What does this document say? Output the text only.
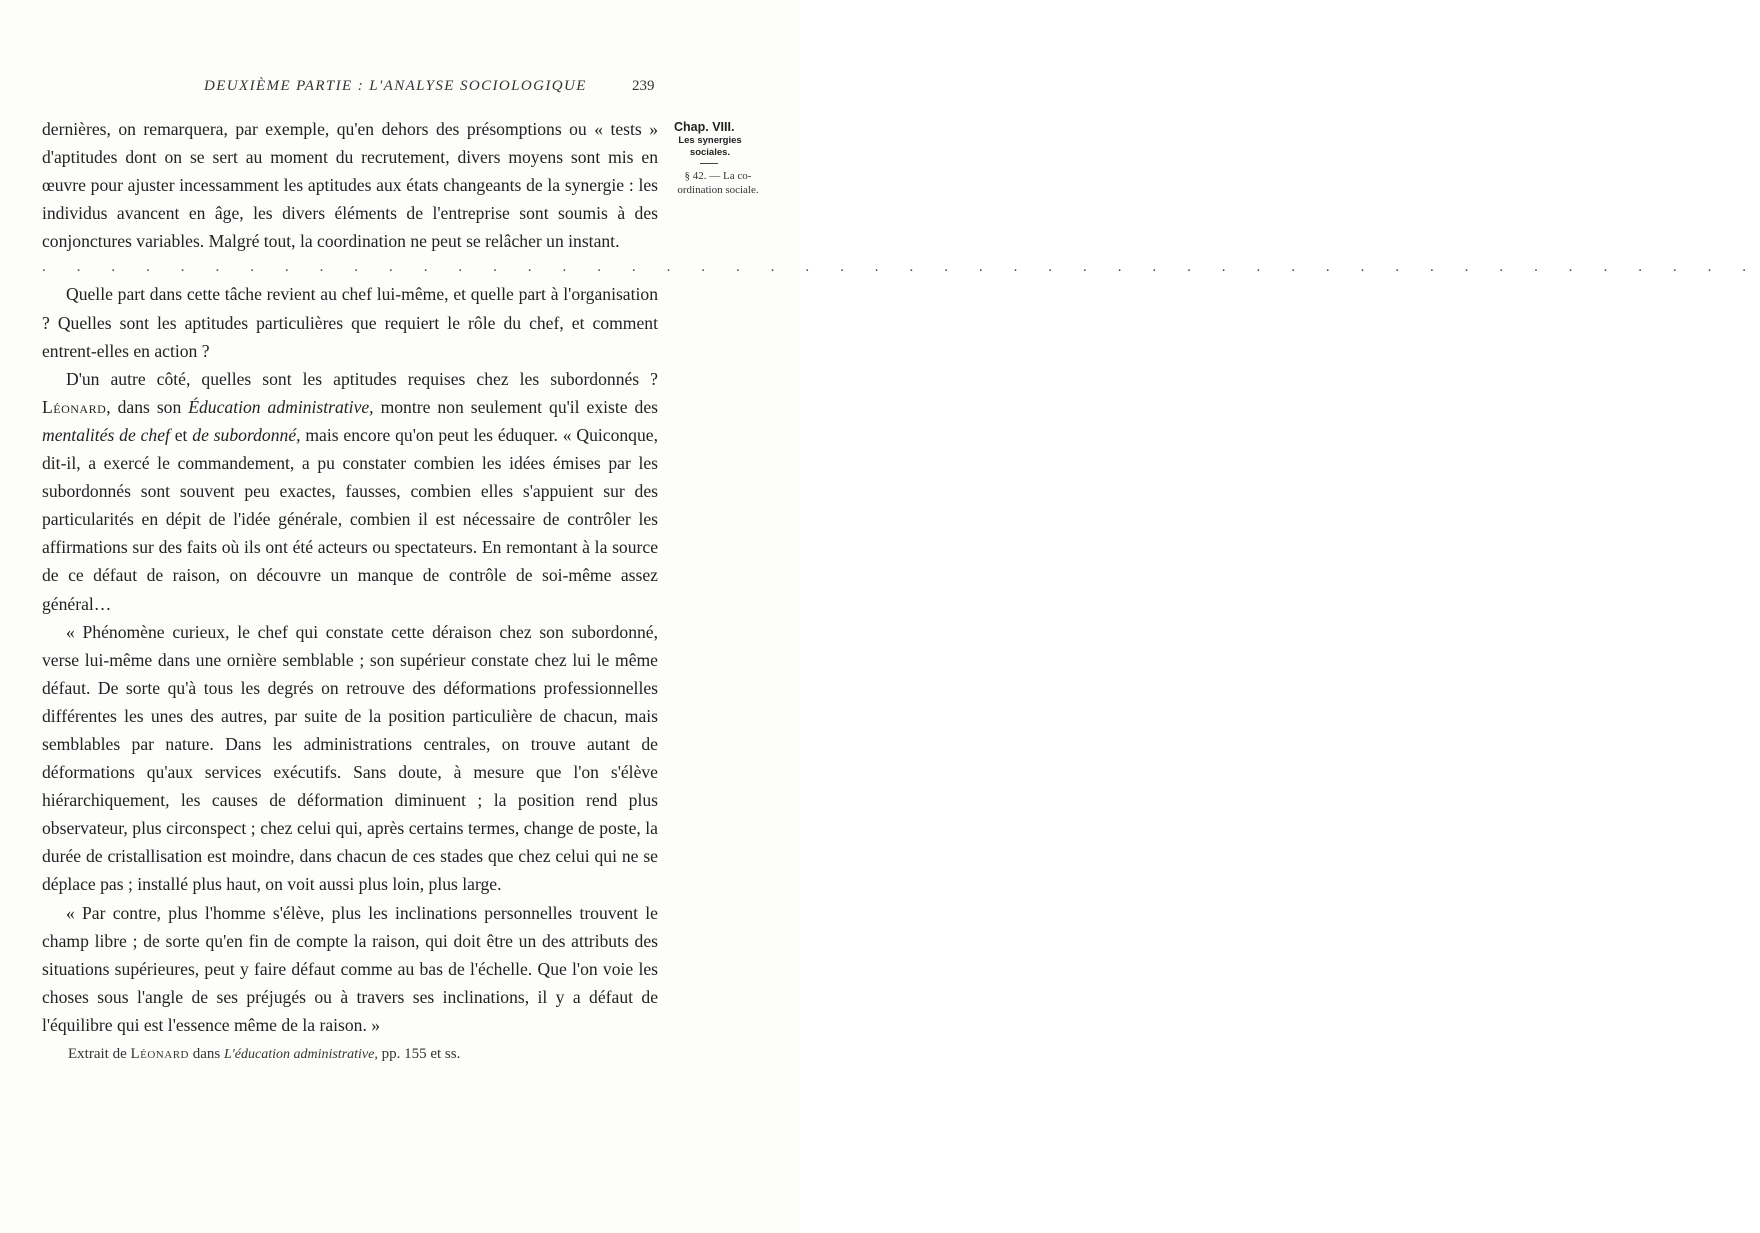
DEUXIÈME PARTIE : L'ANALYSE SOCIOLOGIQUE	239

dernières, on remarquera, par exemple, qu'en dehors des présomptions ou « tests » d'aptitudes dont on se sert au moment du recrutement, divers moyens sont mis en œuvre pour ajuster incessamment les aptitudes aux états changeants de la synergie : les individus avancent en âge, les divers éléments de l'entreprise sont soumis à des conjonctures variables. Malgré tout, la coordination ne peut se relâcher un instant.

. . . . . . . . . . . . . . . . . . . . . . . . . . . . . . . . . . . . . . . . . . . . . . . . . .

Quelle part dans cette tâche revient au chef lui-même, et quelle part à l'organisation ? Quelles sont les aptitudes particulières que requiert le rôle du chef, et comment entrent-elles en action ?

D'un autre côté, quelles sont les aptitudes requises chez les subordonnés ? Léonard, dans son Éducation administrative, montre non seulement qu'il existe des mentalités de chef et de subordonné, mais encore qu'on peut les éduquer. « Quiconque, dit-il, a exercé le commandement, a pu constater combien les idées émises par les subordonnés sont souvent peu exactes, fausses, combien elles s'appuient sur des particularités en dépit de l'idée générale, combien il est nécessaire de contrôler les affirmations sur des faits où ils ont été acteurs ou spectateurs. En remontant à la source de ce défaut de raison, on découvre un manque de contrôle de soi-même assez général…

« Phénomène curieux, le chef qui constate cette déraison chez son subordonné, verse lui-même dans une ornière semblable ; son supérieur constate chez lui le même défaut. De sorte qu'à tous les degrés on retrouve des déformations professionnelles différentes les unes des autres, par suite de la position particulière de chacun, mais semblables par nature. Dans les administrations centrales, on trouve autant de déformations qu'aux services exécutifs. Sans doute, à mesure que l'on s'élève hiérarchiquement, les causes de déformation diminuent ; la position rend plus observateur, plus circonspect ; chez celui qui, après certains termes, change de poste, la durée de cristallisation est moindre, dans chacun de ces stades que chez celui qui ne se déplace pas ; installé plus haut, on voit aussi plus loin, plus large.

« Par contre, plus l'homme s'élève, plus les inclinations personnelles trouvent le champ libre ; de sorte qu'en fin de compte la raison, qui doit être un des attributs des situations supérieures, peut y faire défaut comme au bas de l'échelle. Que l'on voie les choses sous l'angle de ses préjugés ou à travers ses inclinations, il y a défaut de l'équilibre qui est l'essence même de la raison. »

Chap. VIII.
Les synergies sociales.
§ 42. — La co-ordination sociale.
Extrait de Léonard dans L'éducation administrative, pp. 155 et ss.
